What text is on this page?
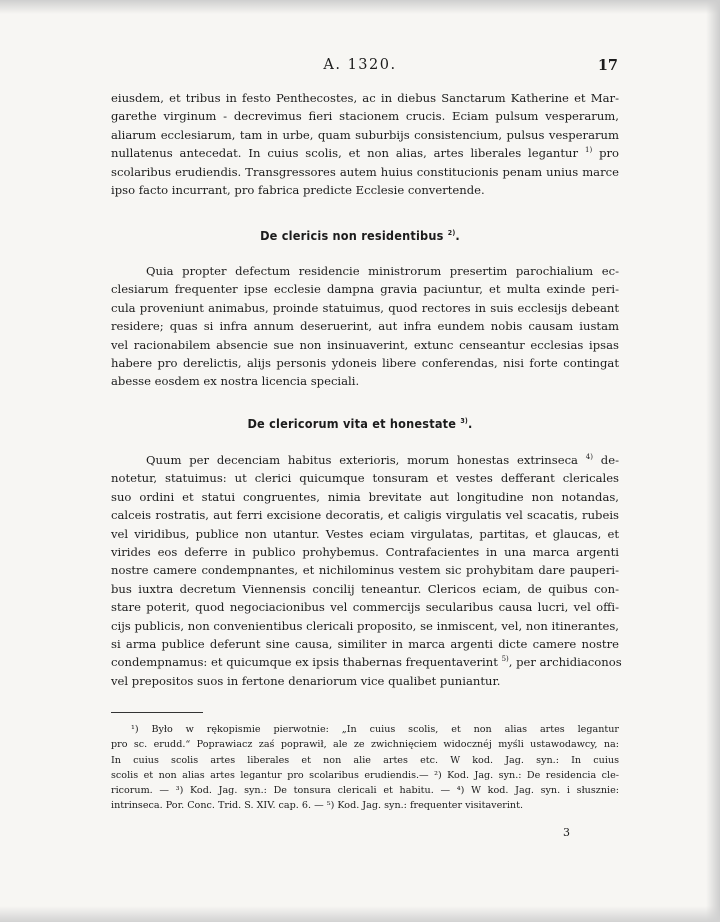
A. 1320.	17
eiusdem, et tribus in festo Penthecostes, ac in diebus Sanctarum Katherine et Mar-
garethe virginum - decrevimus fieri stacionem crucis. Eciam pulsum vesperarum,
aliarum ecclesiarum, tam in urbe, quam suburbijs consistencium, pulsus vesperarum
nullatenus antecedat. In cuius scolis, et non alias, artes liberales legantur $^{1)}$ pro
scolaribus erudiendis. Transgressores autem huius constitucionis penam unius marce
ipso facto incurrant, pro fabrica predicte Ecclesie convertende.
De clericis non residentibus $^{2)}$.
Quia propter defectum residencie ministrorum presertim parochialium ec-
clesiarum frequenter ipse ecclesie dampna gravia paciuntur, et multa exinde peri-
cula proveniunt animabus, proinde statuimus, quod rectores in suis ecclesijs debeant
residere; quas si infra annum deseruerint, aut infra eundem nobis causam iustam
vel racionabilem absencie sue non insinuaverint, extunc censeantur ecclesias ipsas
habere pro derelictis, alijs personis ydoneis libere conferendas, nisi forte contingat
abesse eosdem ex nostra licencia speciali.
De clericorum vita et honestate $^{3)}$.
Quum per decenciam habitus exterioris, morum honestas extrinseca $^{4)}$ de-
notetur, statuimus: ut clerici quicumque tonsuram et vestes defferant clericales
suo ordini et statui congruentes, nimia brevitate aut longitudine non notandas,
calceis rostratis, aut ferri excisione decoratis, et caligis virgulatis vel scacatis, rubeis
vel viridibus, publice non utantur. Vestes eciam virgulatas, partitas, et glaucas, et
virides eos deferre in publico prohybemus. Contrafacientes in una marca argenti
nostre camere condempnantes, et nichilominus vestem sic prohybitam dare pauperi-
bus iuxtra decretum Viennensis concilij teneantur. Clericos eciam, de quibus con-
stare poterit, quod negociacionibus vel commercijs secularibus causa lucri, vel offi-
cijs publicis, non convenientibus clericali proposito, se inmiscent, vel, non itinerantes,
si arma publice deferunt sine causa, similiter in marca argenti dicte camere nostre
condempnamus: et quicumque ex ipsis thabernas frequentaverint $^{5)}$, per archidiaconos
vel prepositos suos in fertone denariorum vice qualibet puniantur.
¹) Było w rękopismie pierwotnie: „In cuius scolis, et non alias artes legantur
pro sc. erudd.“ Poprawiacz zaś poprawił, ale ze zwichnięciem widocznéj myśli ustawodawcy, na:
In cuius scolis artes liberales et non alie artes etc. W kod. Jag. syn.: In cuius
scolis et non alias artes legantur pro scolaribus erudiendis.— ²) Kod. Jag. syn.: De residencia cle-
ricorum. — ³) Kod. Jag. syn.: De tonsura clericali et habitu. — ⁴) W kod. Jag. syn. i słusznie:
intrinseca. Por. Conc. Trid. S. XIV. cap. 6. — ⁵) Kod. Jag. syn.: frequenter visitaverint.
3
